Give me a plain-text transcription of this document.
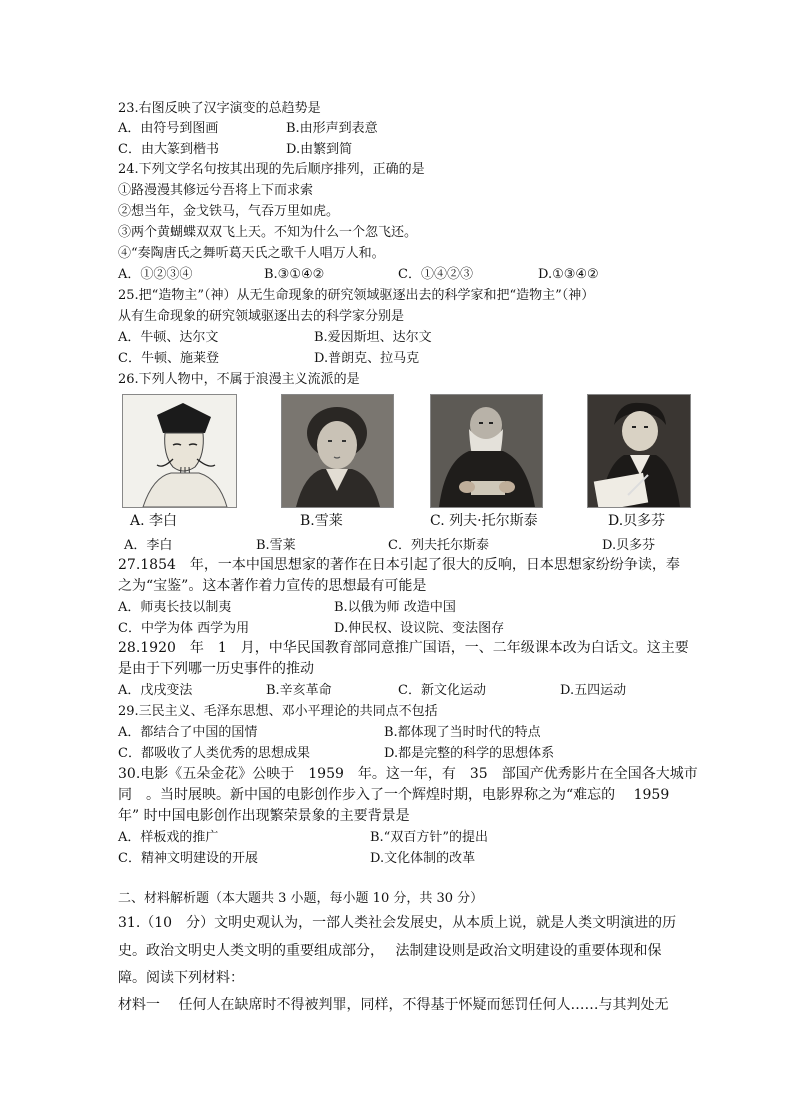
23.右图反映了汉字演变的总趋势是
A．由符号到图画	B.由形声到表意
C．由大篆到楷书	D.由繁到简
24.下列文学名句按其出现的先后顺序排列，正确的是
①路漫漫其修远兮吾将上下而求索
②想当年，金戈铁马，气吞万里如虎。
③两个黄蝴蝶双双飞上天。不知为什么一个忽飞还。
④“奏陶唐氏之舞听葛天氏之歌千人唱万人和。
A．①②③④	B.③①④②	C．①④②③	D.①③④②
25.把“造物主”（神）从无生命现象的研究领域驱逐出去的科学家和把“造物主”（神）
从有生命现象的研究领域驱逐出去的科学家分别是
A．牛顿、达尔文	B.爱因斯坦、达尔文
C．牛顿、施莱登	D.普朗克、拉马克
26.下列人物中，不属于浪漫主义流派的是
A. 李白	B.雪莱	C. 列夫·托尔斯泰	D.贝多芬
A．李白	B.雪莱	C．列夫托尔斯泰	D.贝多芬
27.1854　年，一本中国思想家的著作在日本引起了很大的反响，日本思想家纷纷争读，奉
之为“宝鉴”。这本著作着力宣传的思想最有可能是
A．师夷长技以制夷	B.以俄为师 改造中国
C．中学为体 西学为用	D.伸民权、设议院、变法图存
28.1920　年　1　月，中华民国教育部同意推广国语，一、二年级课本改为白话文。这主要
是由于下列哪一历史事件的推动
A．戊戌变法	B.辛亥革命	C．新文化运动	D.五四运动
29.三民主义、毛泽东思想、邓小平理论的共同点不包括
A．都结合了中国的国情	B.都体现了当时时代的特点
C．都吸收了人类优秀的思想成果	D.都是完整的科学的思想体系
30.电影《五朵金花》公映于　1959　年。这一年，有　35　部国产优秀影片在全国各大城市
同　。当时展映。新中国的电影创作步入了一个辉煌时期，电影界称之为“难忘的　 1959
年” 时中国电影创作出现繁荣景象的主要背景是
A．样板戏的推广	B.“双百方针”的提出
C．精神文明建设的开展	D.文化体制的改革
二、材料解析题（本大题共 3 小题，每小题 10 分，共 30 分）
31.（10　分）文明史观认为，一部人类社会发展史，从本质上说，就是人类文明演进的历
史。政治文明史人类文明的重要组成部分，　 法制建设则是政治文明建设的重要体现和保
障。阅读下列材料：
材料一　 任何人在缺席时不得被判罪，同样，不得基于怀疑而惩罚任何人……与其判处无
